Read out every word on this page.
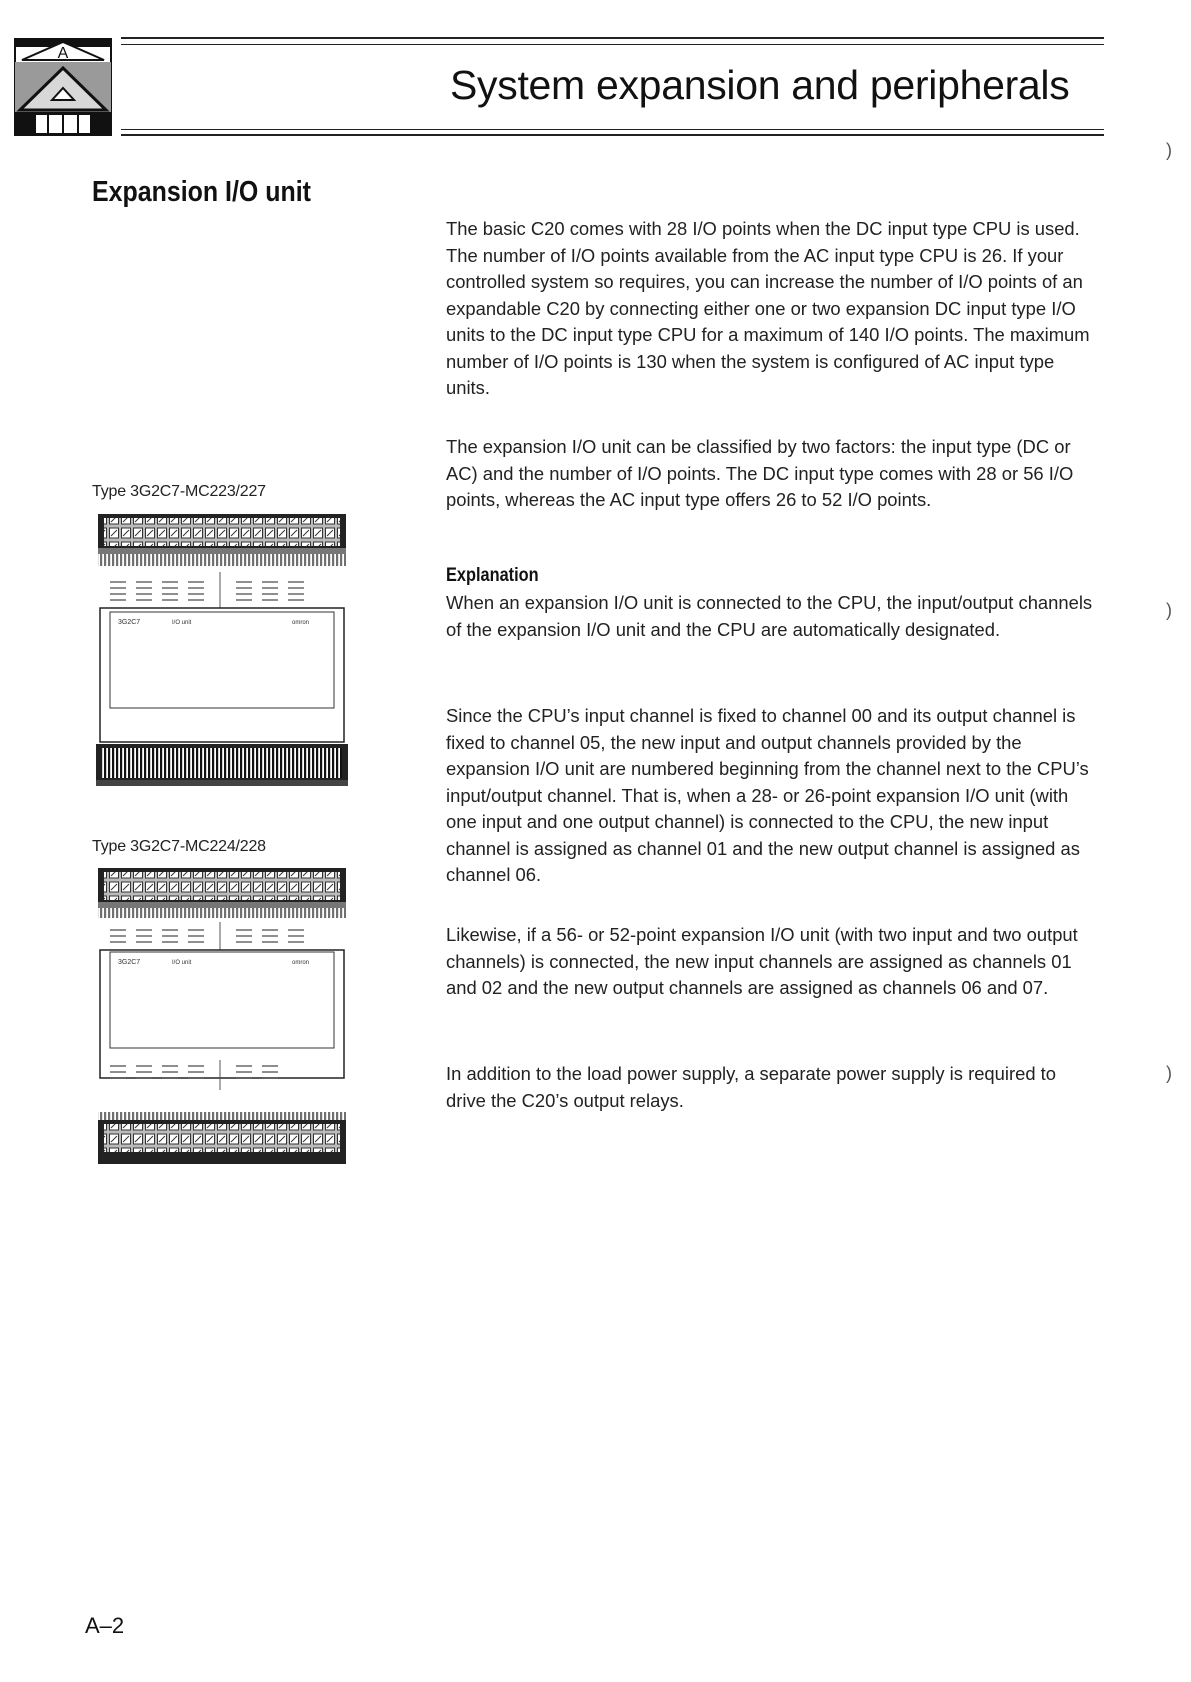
A
System expansion and peripherals
Expansion I/O unit

The basic C20 comes with 28 I/O points when the DC input type CPU is used. The number of I/O points available from the AC input type CPU is 26. If your controlled system so requires, you can increase the number of I/O points of an expandable C20 by connecting either one or two expansion DC input type I/O units to the DC input type CPU for a maximum of 140 I/O points. The maximum number of I/O points is 130 when the system is configured of AC input type units.

The expansion I/O unit can be classified by two factors: the input type (DC or AC) and the number of I/O points. The DC input type comes with 28 or 56 I/O points, whereas the AC input type offers 26 to 52 I/O points.

Explanation

When an expansion I/O unit is connected to the CPU, the input/output channels of the expansion I/O unit and the CPU are automatically designated.

Since the CPU’s input channel is fixed to channel 00 and its output channel is fixed to channel 05, the new input and output channels provided by the expansion I/O unit are numbered beginning from the channel next to the CPU’s input/output channel. That is, when a 28- or 26-point expansion I/O unit (with one input and one output channel) is connected to the CPU, the new input channel is assigned as channel 01 and the new output channel is assigned as channel 06.

Likewise, if a 56- or 52-point expansion I/O unit (with two input and two output channels) is connected, the new input channels are assigned as channels 01 and 02 and the new output channels are assigned as channels 06 and 07.

In addition to the load power supply, a separate power supply is required to drive the C20’s output relays.

Type 3G2C7-MC223/227
Type 3G2C7-MC224/228
3G2C7	I/O unit	omron
3G2C7	I/O unit	omron
)
)
)
A–2
